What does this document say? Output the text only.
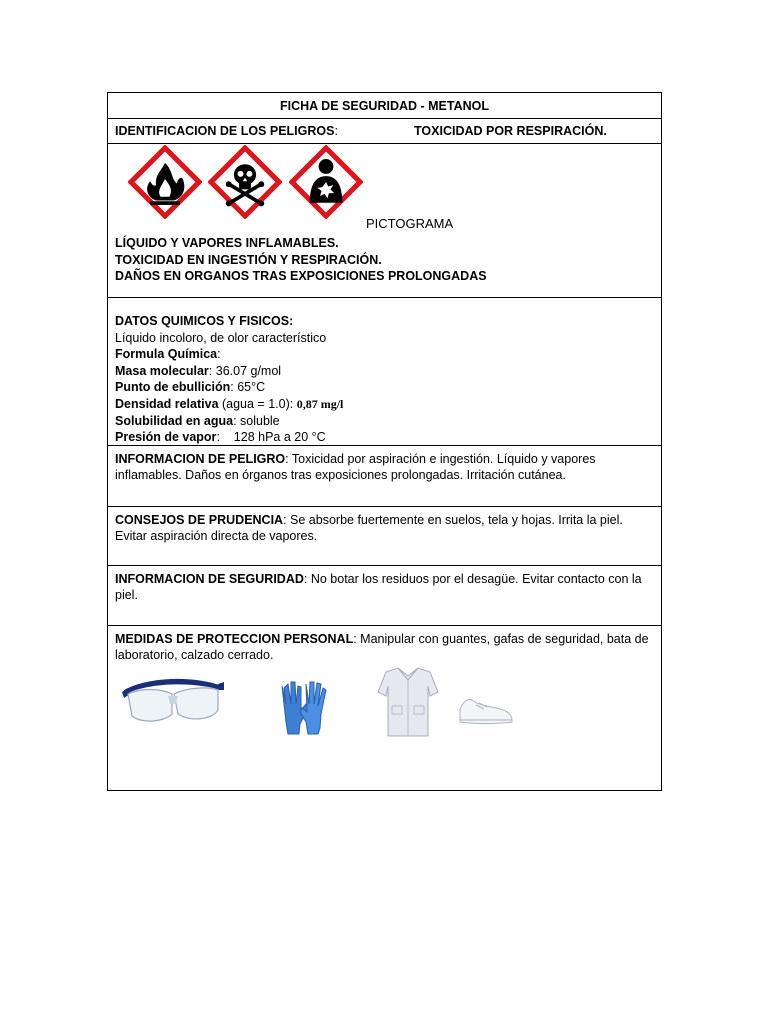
FICHA DE SEGURIDAD - METANOL
IDENTIFICACION DE LOS PELIGROS:	TOXICIDAD POR RESPIRACIÓN.
PICTOGRAMA
LÍQUIDO Y VAPORES INFLAMABLES.
TOXICIDAD EN INGESTIÓN Y RESPIRACIÓN.
DAÑOS EN ORGANOS TRAS EXPOSICIONES PROLONGADAS
DATOS QUIMICOS Y FISICOS:
Líquido incoloro, de olor característico
Formula Química:
Masa molecular: 36.07 g/mol
Punto de ebullición: 65°C
Densidad relativa (agua = 1.0): 0,87 mg/l
Solubilidad en agua: soluble
Presión de vapor:    128 hPa a 20 °C
INFORMACION DE PELIGRO: Toxicidad por aspiración e ingestión. Líquido y vapores inflamables. Daños en órganos tras exposiciones prolongadas. Irritación cutánea.
CONSEJOS DE PRUDENCIA: Se absorbe fuertemente en suelos, tela y hojas. Irrita la piel. Evitar aspiración directa de vapores.
INFORMACION DE SEGURIDAD: No botar los residuos por el desagüe. Evitar contacto con la piel.
MEDIDAS DE PROTECCION PERSONAL: Manipular con guantes, gafas de seguridad, bata de laboratorio, calzado cerrado.
